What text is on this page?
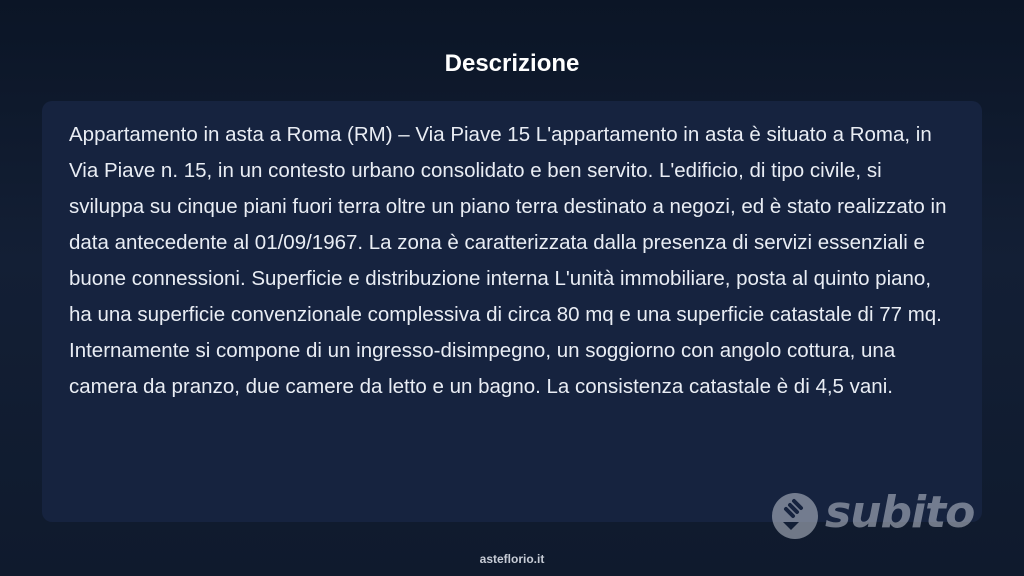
Descrizione

Appartamento in asta a Roma (RM) – Via Piave 15 L'appartamento in asta è situato a Roma, in Via Piave n. 15, in un contesto urbano consolidato e ben servito. L'edificio, di tipo civile, si sviluppa su cinque piani fuori terra oltre un piano terra destinato a negozi, ed è stato realizzato in data antecedente al 01/09/1967. La zona è caratterizzata dalla presenza di servizi essenziali e buone connessioni. Superficie e distribuzione interna L'unità immobiliare, posta al quinto piano, ha una superficie convenzionale complessiva di circa 80 mq e una superficie catastale di 77 mq. Internamente si compone di un ingresso-disimpegno, un soggiorno con angolo cottura, una camera da pranzo, due camere da letto e un bagno. La consistenza catastale è di 4,5 vani.

subito
asteflorio.it
